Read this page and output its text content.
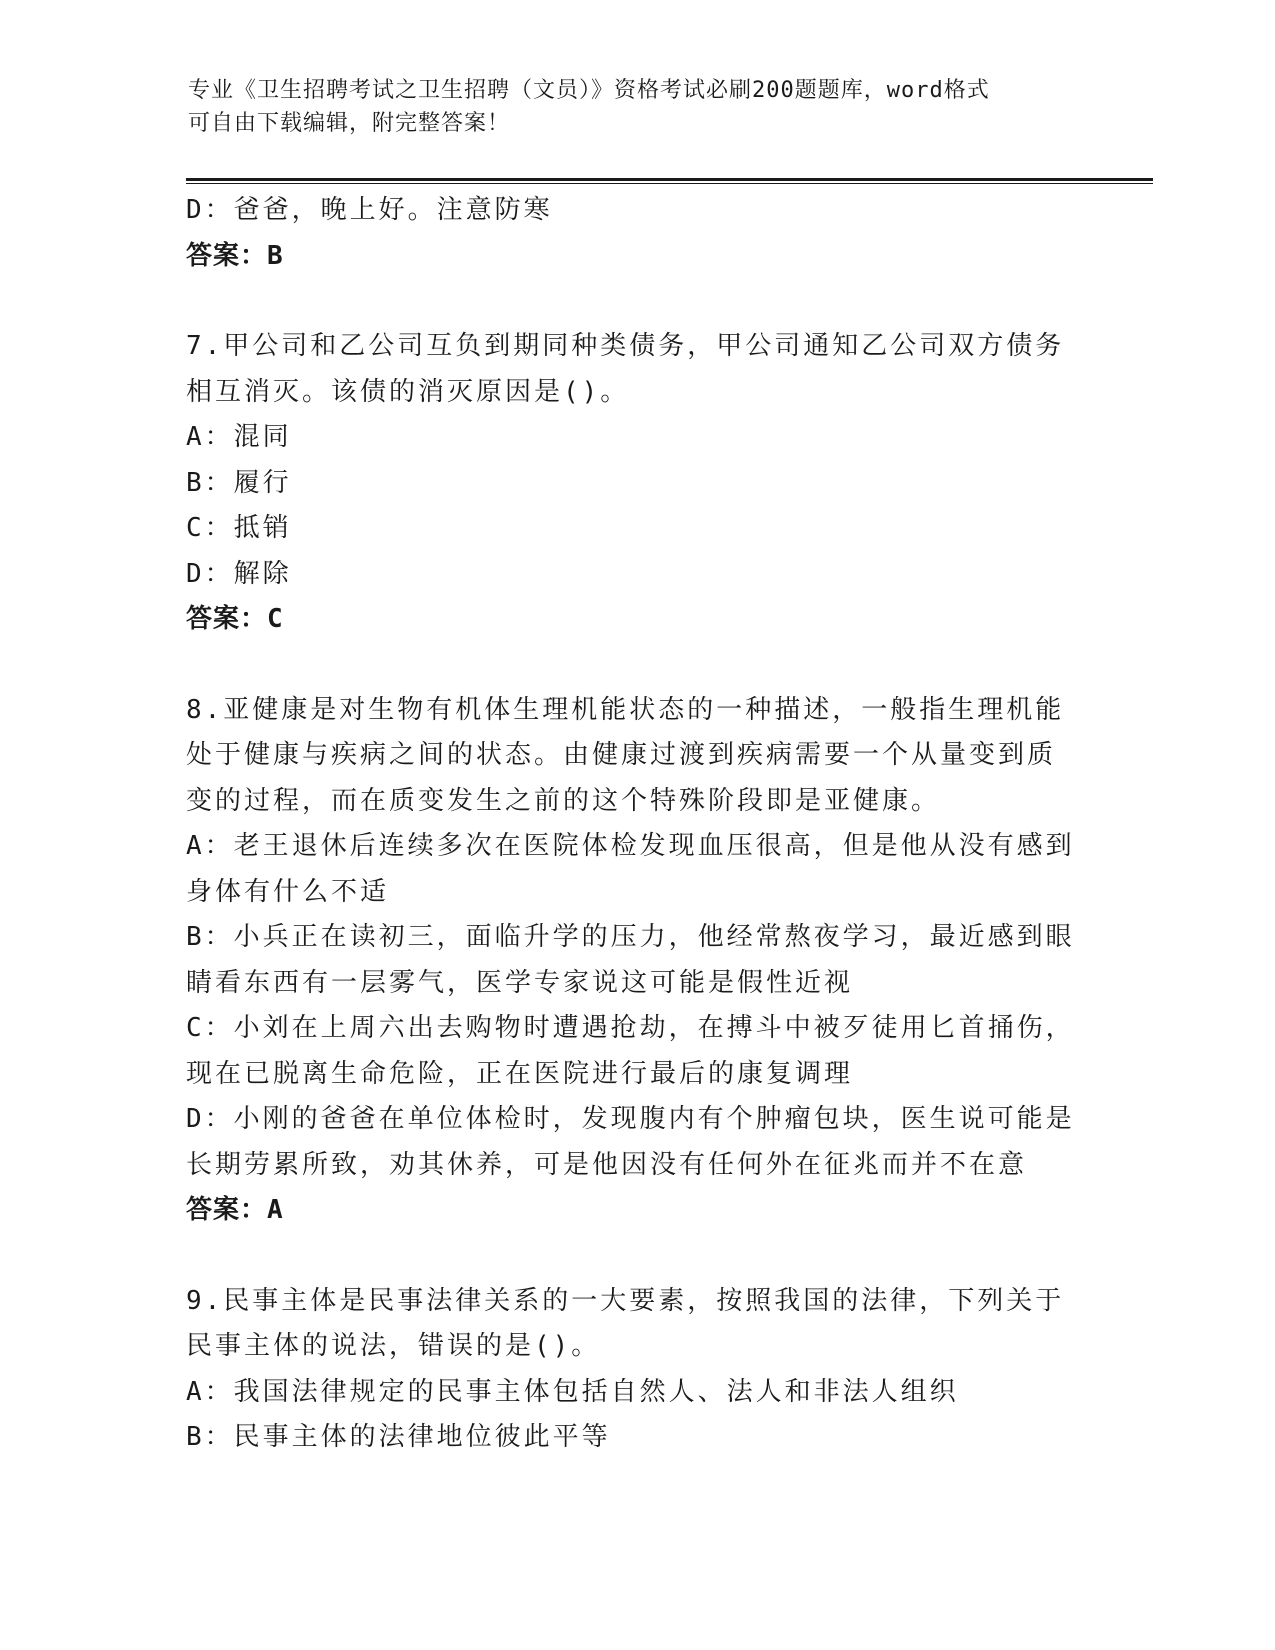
专业《卫生招聘考试之卫生招聘（文员）》资格考试必刷200题题库，word格式
可自由下载编辑，附完整答案！
D：爸爸，晚上好。注意防寒
答案：B
7.甲公司和乙公司互负到期同种类债务，甲公司通知乙公司双方债务
相互消灭。该债的消灭原因是()。
A：混同
B：履行
C：抵销
D：解除
答案：C
8.亚健康是对生物有机体生理机能状态的一种描述，一般指生理机能
处于健康与疾病之间的状态。由健康过渡到疾病需要一个从量变到质
变的过程，而在质变发生之前的这个特殊阶段即是亚健康。
A：老王退休后连续多次在医院体检发现血压很高，但是他从没有感到
身体有什么不适
B：小兵正在读初三，面临升学的压力，他经常熬夜学习，最近感到眼
睛看东西有一层雾气，医学专家说这可能是假性近视
C：小刘在上周六出去购物时遭遇抢劫，在搏斗中被歹徒用匕首捅伤，
现在已脱离生命危险，正在医院进行最后的康复调理
D：小刚的爸爸在单位体检时，发现腹内有个肿瘤包块，医生说可能是
长期劳累所致，劝其休养，可是他因没有任何外在征兆而并不在意
答案：A
9.民事主体是民事法律关系的一大要素，按照我国的法律，下列关于
民事主体的说法，错误的是()。
A：我国法律规定的民事主体包括自然人、法人和非法人组织
B：民事主体的法律地位彼此平等
